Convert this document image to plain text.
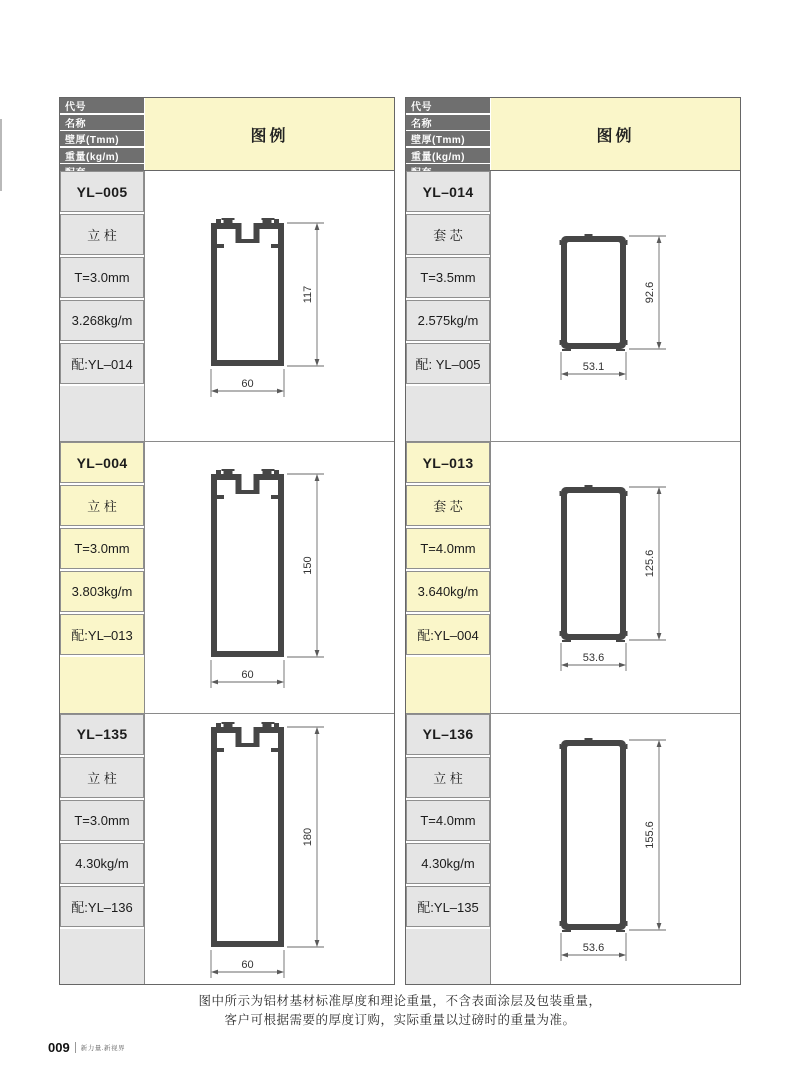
代号
名称
壁厚(Tmm)
重量(kg/m)
图例
YL–005
立 柱
T=3.0mm
3.268kg/m
配:YL–014
117
60
YL–004
立 柱
T=3.0mm
3.803kg/m
配:YL–013
150
60
YL–135
立 柱
T=3.0mm
4.30kg/m
配:YL–136
180
60
代号
名称
壁厚(Tmm)
重量(kg/m)
图例
YL–014
套 芯
T=3.5mm
2.575kg/m
配: YL–005
92.6
53.1
YL–013
套 芯
T=4.0mm
3.640kg/m
配:YL–004
125.6
53.6
YL–136
立 柱
T=4.0mm
4.30kg/m
配:YL–135
155.6
53.6
图中所示为铝材基材标准厚度和理论重量，不含表面涂层及包装重量，
客户可根据需要的厚度订购，实际重量以过磅时的重量为准。
009 新力量.新视界
